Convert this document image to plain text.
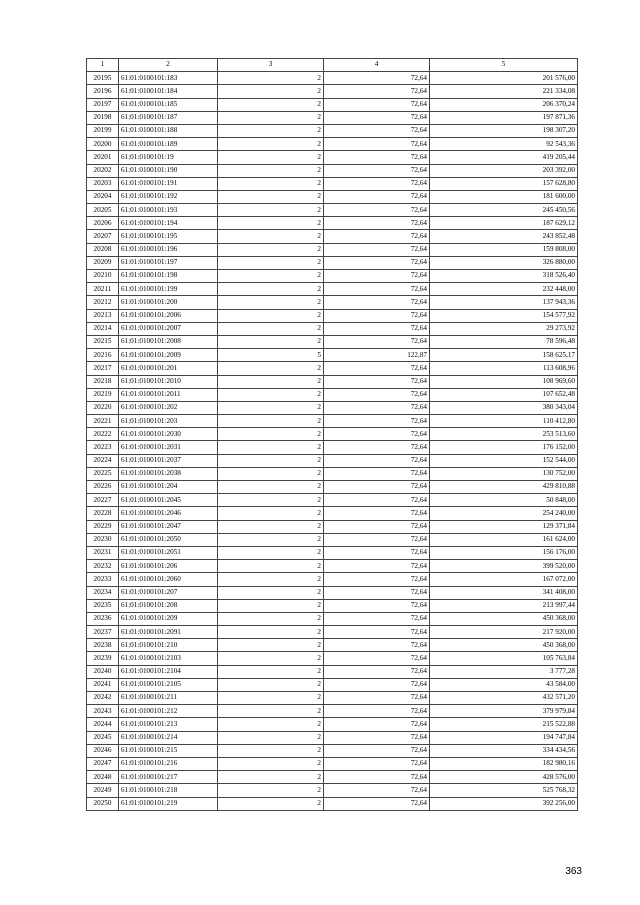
1	2	3	4	5
20195	61:01:0100101:183	2	72,64	201 576,00
20196	61:01:0100101:184	2	72,64	221 334,08
20197	61:01:0100101:185	2	72,64	206 370,24
20198	61:01:0100101:187	2	72,64	197 871,36
20199	61:01:0100101:188	2	72,64	198 307,20
20200	61:01:0100101:189	2	72,64	92 543,36
20201	61:01:0100101:19	2	72,64	419 205,44
20202	61:01:0100101:190	2	72,64	203 392,00
20203	61:01:0100101:191	2	72,64	157 628,80
20204	61:01:0100101:192	2	72,64	181 600,00
20205	61:01:0100101:193	2	72,64	245 450,56
20206	61:01:0100101:194	2	72,64	187 629,12
20207	61:01:0100101:195	2	72,64	243 852,48
20208	61:01:0100101:196	2	72,64	159 808,00
20209	61:01:0100101:197	2	72,64	326 880,00
20210	61:01:0100101:198	2	72,64	318 526,40
20211	61:01:0100101:199	2	72,64	232 448,00
20212	61:01:0100101:200	2	72,64	137 943,36
20213	61:01:0100101:2006	2	72,64	154 577,92
20214	61:01:0100101:2007	2	72,64	29 273,92
20215	61:01:0100101:2008	2	72,64	78 596,48
20216	61:01:0100101:2009	5	122,87	158 625,17
20217	61:01:0100101:201	2	72,64	113 608,96
20218	61:01:0100101:2010	2	72,64	108 969,60
20219	61:01:0100101:2011	2	72,64	107 652,48
20220	61:01:0100101:202	2	72,64	380 343,04
20221	61:01:0100101:203	2	72,64	110 412,80
20222	61:01:0100101:2030	2	72,64	253 513,60
20223	61:01:0100101:2031	2	72,64	176 152,00
20224	61:01:0100101:2037	2	72,64	152 544,00
20225	61:01:0100101:2038	2	72,64	130 752,00
20226	61:01:0100101:204	2	72,64	429 810,88
20227	61:01:0100101:2045	2	72,64	50 848,00
20228	61:01:0100101:2046	2	72,64	254 240,00
20229	61:01:0100101:2047	2	72,64	129 371,84
20230	61:01:0100101:2050	2	72,64	161 624,00
20231	61:01:0100101:2051	2	72,64	156 176,00
20232	61:01:0100101:206	2	72,64	399 520,00
20233	61:01:0100101:2060	2	72,64	167 072,00
20234	61:01:0100101:207	2	72,64	341 408,00
20235	61:01:0100101:208	2	72,64	213 997,44
20236	61:01:0100101:209	2	72,64	450 368,00
20237	61:01:0100101:2091	2	72,64	217 920,00
20238	61:01:0100101:210	2	72,64	450 368,00
20239	61:01:0100101:2103	2	72,64	105 763,84
20240	61:01:0100101:2104	2	72,64	3 777,28
20241	61:01:0100101:2105	2	72,64	43 584,00
20242	61:01:0100101:211	2	72,64	432 571,20
20243	61:01:0100101:212	2	72,64	379 979,84
20244	61:01:0100101:213	2	72,64	215 522,88
20245	61:01:0100101:214	2	72,64	194 747,84
20246	61:01:0100101:215	2	72,64	334 434,56
20247	61:01:0100101:216	2	72,64	182 980,16
20248	61:01:0100101:217	2	72,64	428 576,00
20249	61:01:0100101:218	2	72,64	525 768,32
20250	61:01:0100101:219	2	72,64	392 256,00
363
